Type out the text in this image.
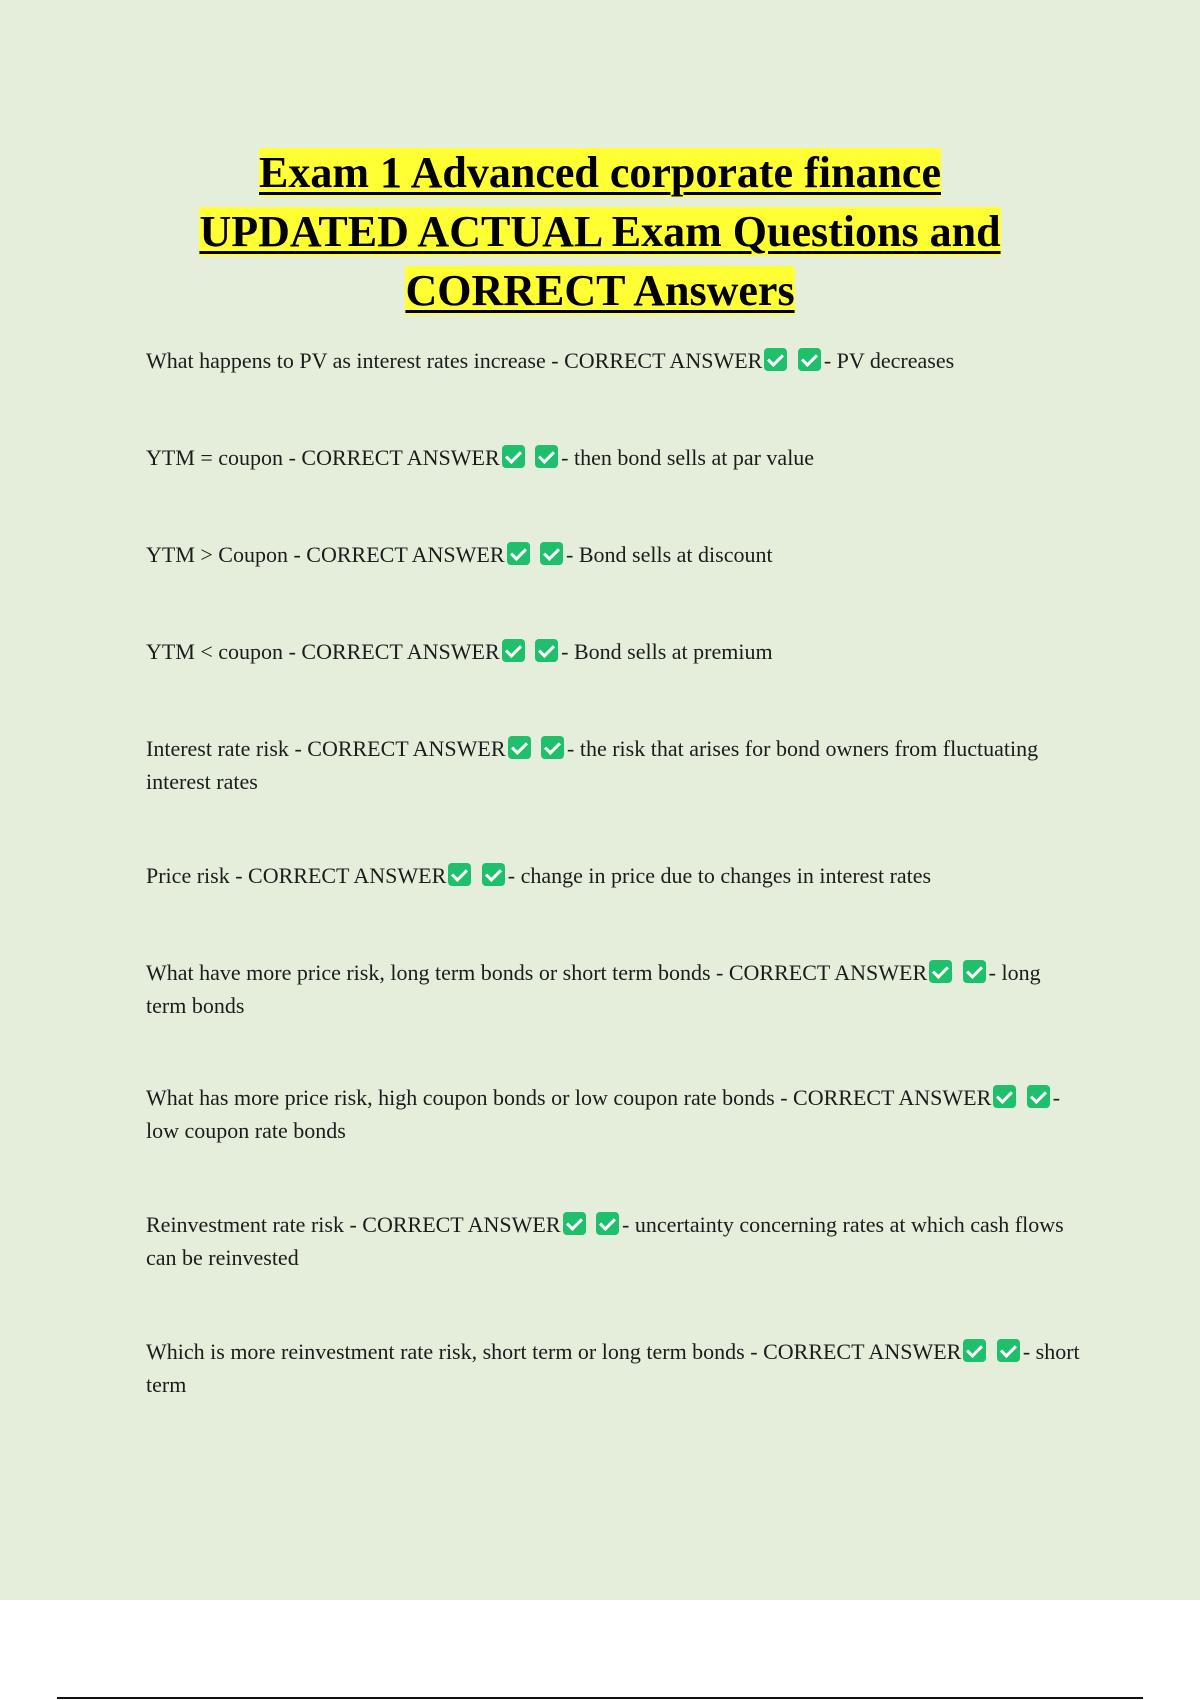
Exam 1 Advanced corporate finance
UPDATED ACTUAL Exam Questions and
CORRECT Answers

What happens to PV as interest rates increase - CORRECT ANSWER	- PV decreases

YTM = coupon - CORRECT ANSWER	- then bond sells at par value

YTM > Coupon - CORRECT ANSWER	- Bond sells at discount

YTM < coupon - CORRECT ANSWER	- Bond sells at premium

Interest rate risk - CORRECT ANSWER	- the risk that arises for bond owners from fluctuating interest rates

Price risk - CORRECT ANSWER	- change in price due to changes in interest rates

What have more price risk, long term bonds or short term bonds - CORRECT ANSWER	- long term bonds

What has more price risk, high coupon bonds or low coupon rate bonds - CORRECT ANSWER	- low coupon rate bonds

Reinvestment rate risk - CORRECT ANSWER	- uncertainty concerning rates at which cash flows can be reinvested

Which is more reinvestment rate risk, short term or long term bonds - CORRECT ANSWER	- short term
